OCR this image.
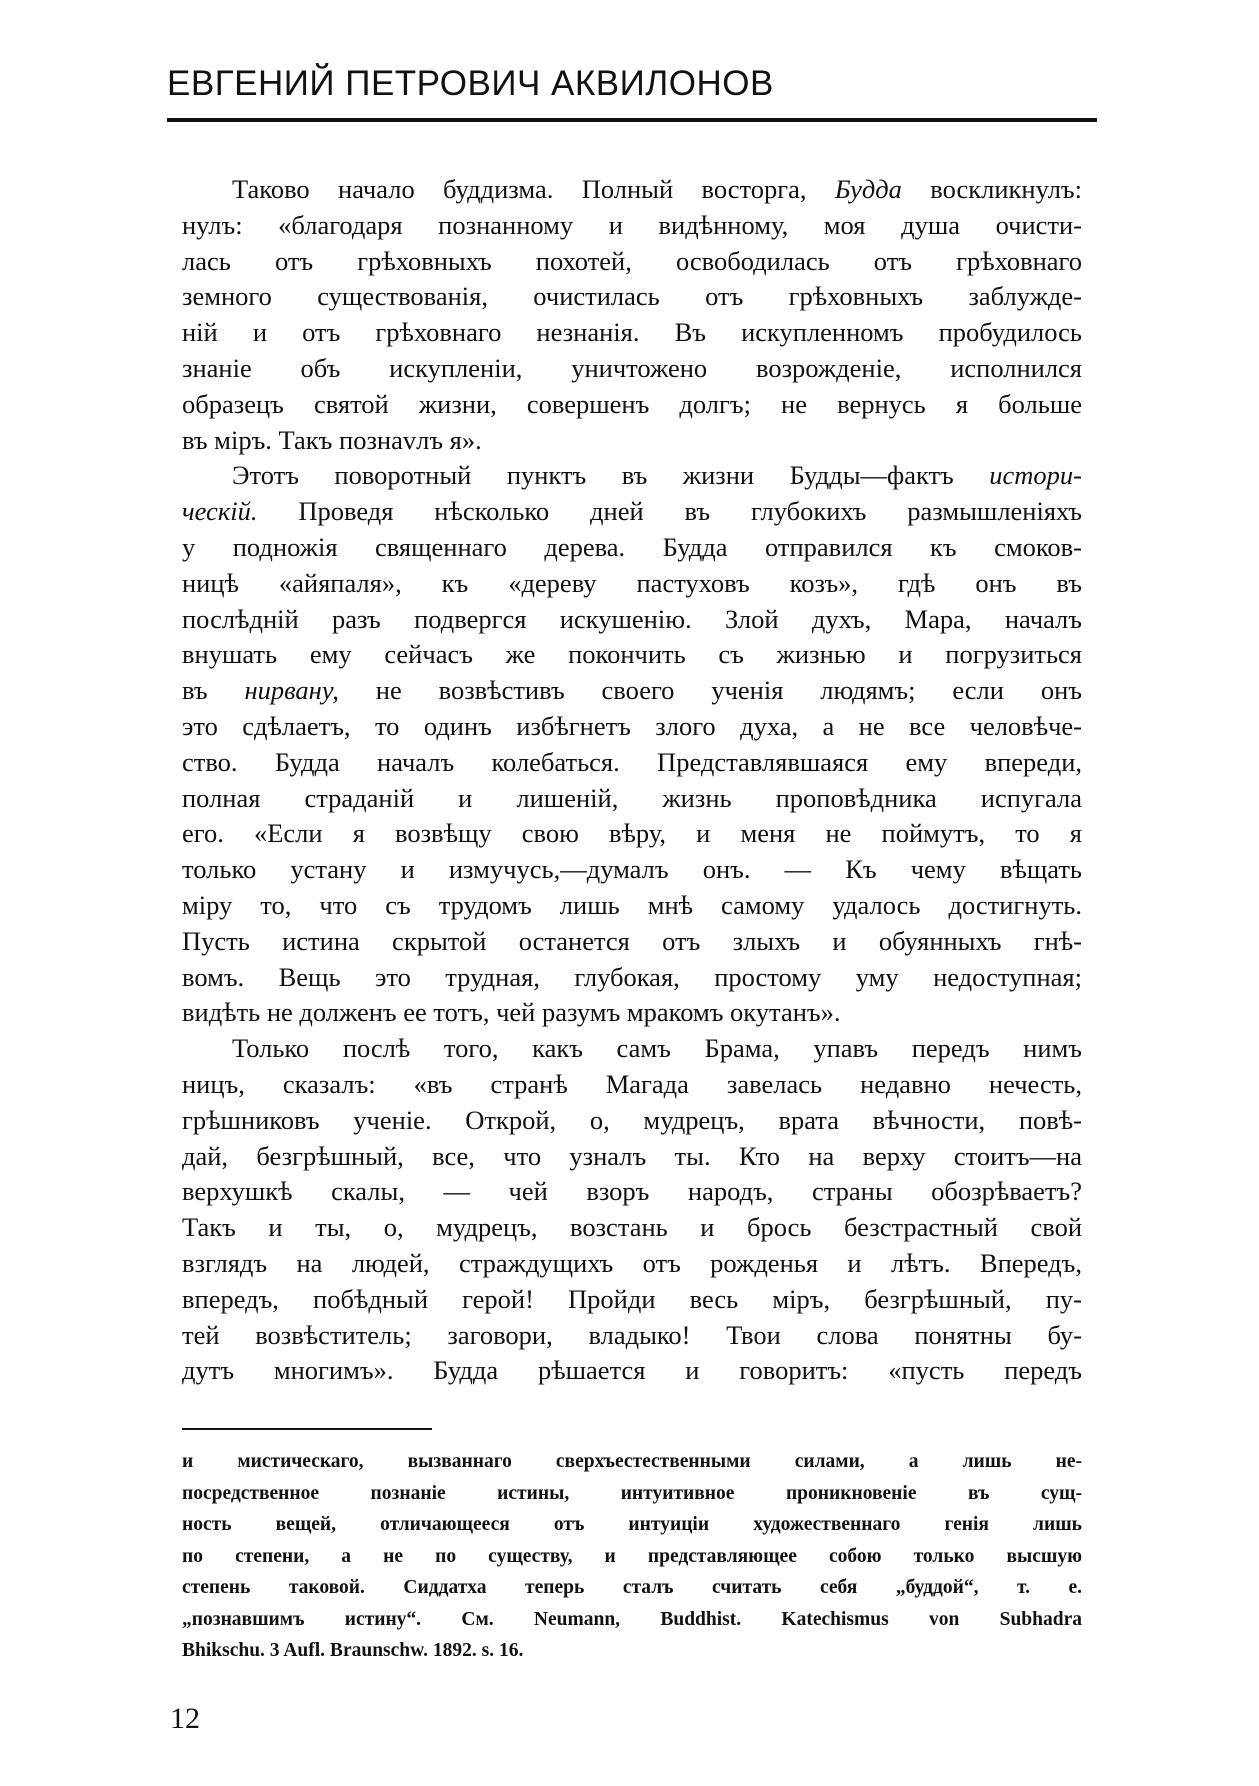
ЕВГЕНИЙ ПЕТРОВИЧ АКВИЛОНОВ
Таково начало буддизма. Полный восторга, Будда воскликнулъ:
нулъ: «благодаря познанному и видѣнному, моя душа очисти-
лась отъ грѣховныхъ похотей, освободилась отъ грѣховнаго
земного существованія, очистилась отъ грѣховныхъ заблужде-
ній и отъ грѣховнаго незнанія. Въ искупленномъ пробудилось
знаніе объ искупленіи, уничтожено возрожденіе, исполнился
образецъ святой жизни, совершенъ долгъ; не вернусь я больше
въ міръ. Такъ познаvлъ я».
Этотъ поворотный пунктъ въ жизни Будды—фактъ истори-
ческій. Проведя нѣсколько дней въ глубокихъ размышленіяхъ
у подножія священнаго дерева. Будда отправился къ смоков-
ницѣ «айяпаля», къ «дереву пастуховъ козъ», гдѣ онъ въ
послѣдній разъ подвергся искушенію. Злой духъ, Мара, началъ
внушать ему сейчасъ же покончить съ жизнью и погрузиться
въ нирвану, не возвѣстивъ своего ученія людямъ; если онъ
это сдѣлаетъ, то одинъ избѣгнетъ злого духа, а не все человѣче-
ство. Будда началъ колебаться. Представлявшаяся ему впереди,
полная страданій и лишеній, жизнь проповѣдника испугала
его. «Если я возвѣщу свою вѣру, и меня не поймутъ, то я
только устану и измучусь,—думалъ онъ. — Къ чему вѣщать
міру то, что съ трудомъ лишь мнѣ самому удалось достигнуть.
Пусть истина скрытой останется отъ злыхъ и обуянныхъ гнѣ-
вомъ. Вещь это трудная, глубокая, простому уму недоступная;
видѣть не долженъ ее тотъ, чей разумъ мракомъ окутанъ».
Только послѣ того, какъ самъ Брама, упавъ передъ нимъ
ницъ, сказалъ: «въ странѣ Магада завелась недавно нечесть,
грѣшниковъ ученіе. Открой, о, мудрецъ, врата вѣчности, повѣ-
дай, безгрѣшный, все, что узналъ ты. Кто на верху стоитъ—на
верхушкѣ скалы, — чей взоръ народъ, страны обозрѣваетъ?
Такъ и ты, о, мудрецъ, возстань и брось безстрастный свой
взглядъ на людей, страждущихъ отъ рожденья и лѣтъ. Впередъ,
впередъ, побѣдный герой! Пройди весь міръ, безгрѣшный, пу-
тей возвѣститель; заговори, владыко! Твои слова понятны бу-
дутъ многимъ». Будда рѣшается и говоритъ: «пусть передъ
и мистическаго, вызваннаго сверхъестественными силами, а лишь не-
посредственное познаніе истины, интуитивное проникновеніе въ сущ-
ность вещей, отличающееся отъ интуиціи художественнаго генія лишь
по степени, а не по существу, и представляющее собою только высшую
степень таковой. Сиддатха теперь сталъ считать себя „буддой“, т. е.
„познавшимъ истину“. См. Neumann, Buddhist. Katechismus von Subhadra
Bhikschu. 3 Aufl. Braunschw. 1892. s. 16.
12
